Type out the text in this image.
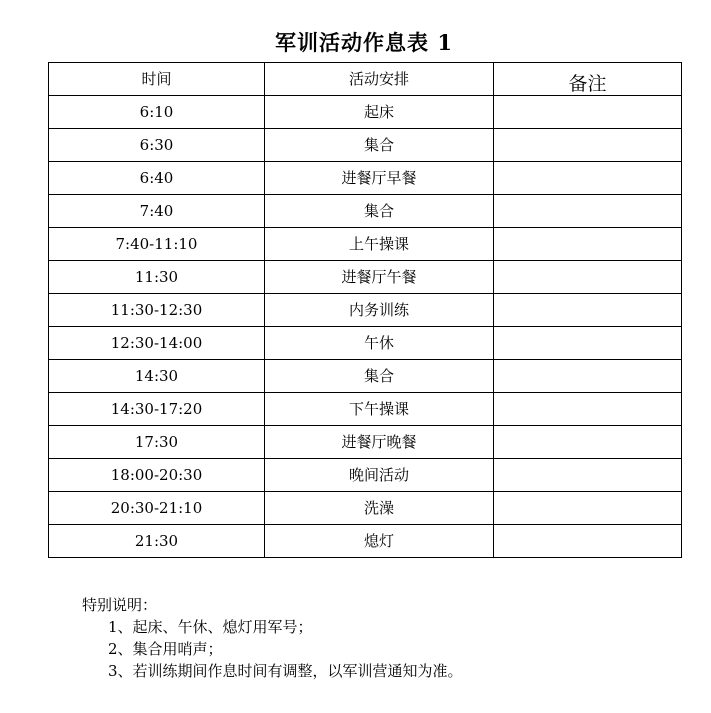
军训活动作息表 1
时间	活动安排	备注
6:10	起床	
6:30	集合	
6:40	进餐厅早餐	
7:40	集合	
7:40-11:10	上午操课	
11:30	进餐厅午餐	
11:30-12:30	内务训练	
12:30-14:00	午休	
14:30	集合	
14:30-17:20	下午操课	
17:30	进餐厅晚餐	
18:00-20:30	晚间活动	
20:30-21:10	洗澡	
21:30	熄灯	
特别说明：
1、起床、午休、熄灯用军号；
2、集合用哨声；
3、若训练期间作息时间有调整，以军训营通知为准。
